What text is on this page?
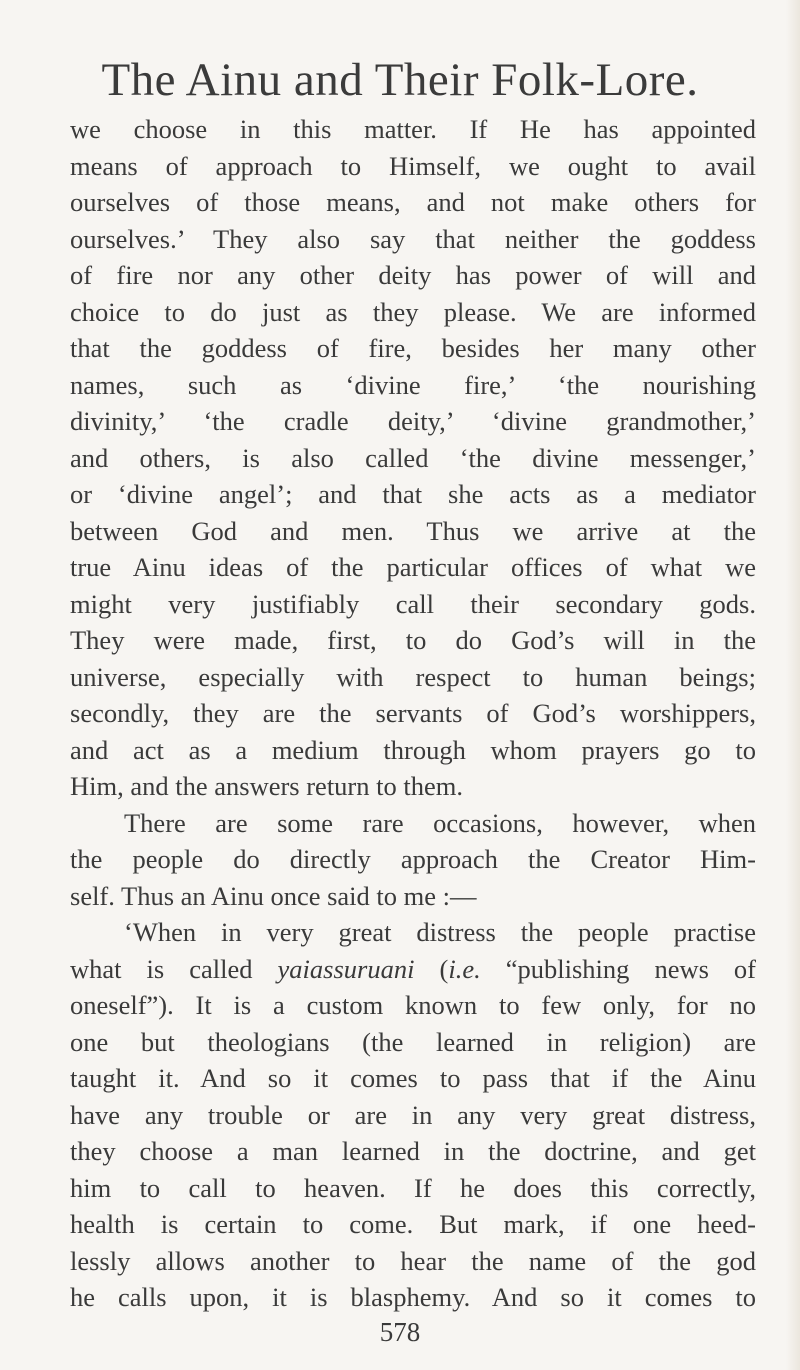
The Ainu and Their Folk-Lore.
we choose in this matter. If He has appointed
means of approach to Himself, we ought to avail
ourselves of those means, and not make others for
ourselves.’ They also say that neither the goddess
of fire nor any other deity has power of will and
choice to do just as they please. We are informed
that the goddess of fire, besides her many other
names, such as ‘divine fire,’ ‘the nourishing
divinity,’ ‘the cradle deity,’ ‘divine grandmother,’
and others, is also called ‘the divine messenger,’
or ‘divine angel’; and that she acts as a mediator
between God and men. Thus we arrive at the
true Ainu ideas of the particular offices of what we
might very justifiably call their secondary gods.
They were made, first, to do God’s will in the
universe, especially with respect to human beings;
secondly, they are the servants of God’s worshippers,
and act as a medium through whom prayers go to
Him, and the answers return to them.
There are some rare occasions, however, when
the people do directly approach the Creator Him-
self. Thus an Ainu once said to me :—
‘When in very great distress the people practise
what is called yaiassuruani (i.e. “publishing news of
oneself”). It is a custom known to few only, for no
one but theologians (the learned in religion) are
taught it. And so it comes to pass that if the Ainu
have any trouble or are in any very great distress,
they choose a man learned in the doctrine, and get
him to call to heaven. If he does this correctly,
health is certain to come. But mark, if one heed-
lessly allows another to hear the name of the god
he calls upon, it is blasphemy. And so it comes to
578
